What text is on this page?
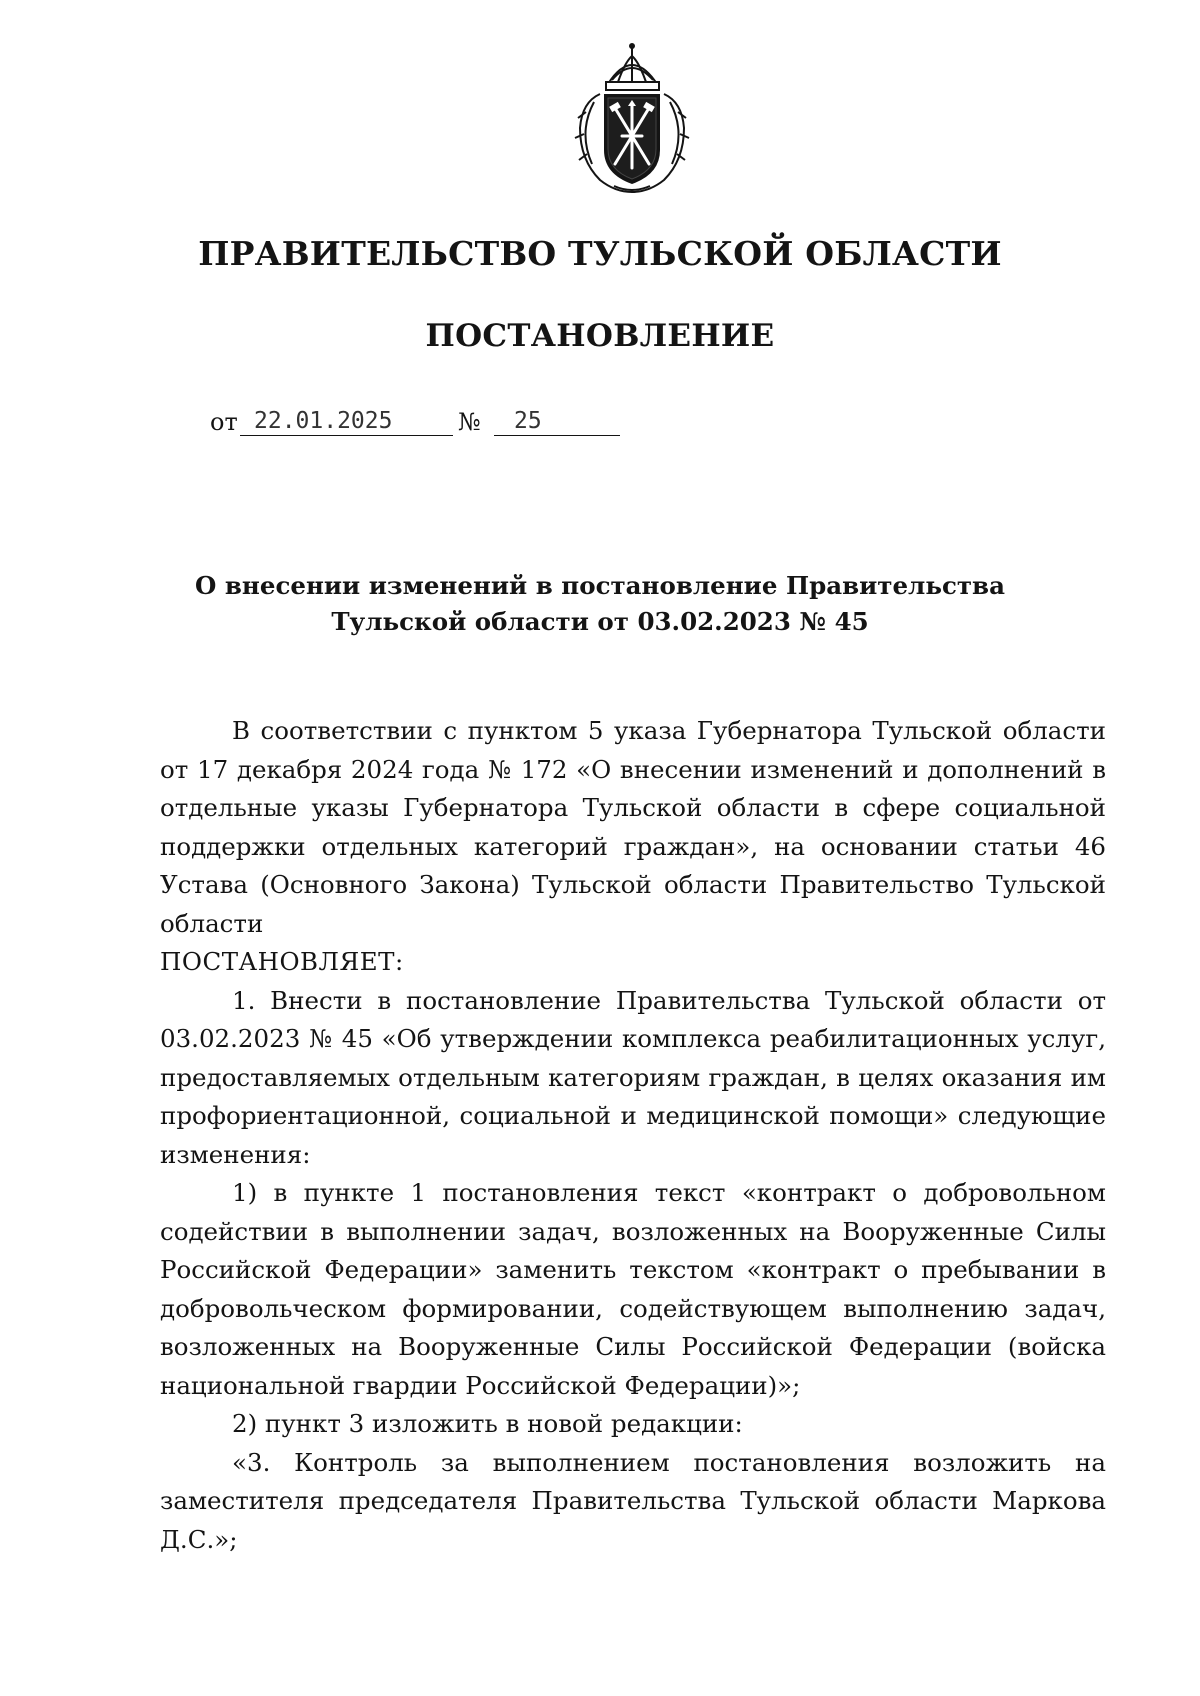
ПРАВИТЕЛЬСТВО ТУЛЬСКОЙ ОБЛАСТИ
ПОСТАНОВЛЕНИЕ
от 22.01.2025	№	25
О внесении изменений в постановление Правительства
Тульской области от 03.02.2023 № 45

В соответствии с пунктом 5 указа Губернатора Тульской области от 17 декабря 2024 года № 172 «О внесении изменений и дополнений в отдельные указы Губернатора Тульской области в сфере социальной поддержки отдельных категорий граждан», на основании статьи 46 Устава (Основного Закона) Тульской области Правительство Тульской области

ПОСТАНОВЛЯЕТ:

1. Внести в постановление Правительства Тульской области от 03.02.2023 № 45 «Об утверждении комплекса реабилитационных услуг, предоставляемых отдельным категориям граждан, в целях оказания им профориентационной, социальной и медицинской помощи» следующие изменения:

1) в пункте 1 постановления текст «контракт о добровольном содействии в выполнении задач, возложенных на Вооруженные Силы Российской Федерации» заменить текстом «контракт о пребывании в добровольческом формировании, содействующем выполнению задач, возложенных на Вооруженные Силы Российской Федерации (войска национальной гвардии Российской Федерации)»;

2) пункт 3 изложить в новой редакции:

«3. Контроль за выполнением постановления возложить на заместителя председателя Правительства Тульской области Маркова Д.С.»;
